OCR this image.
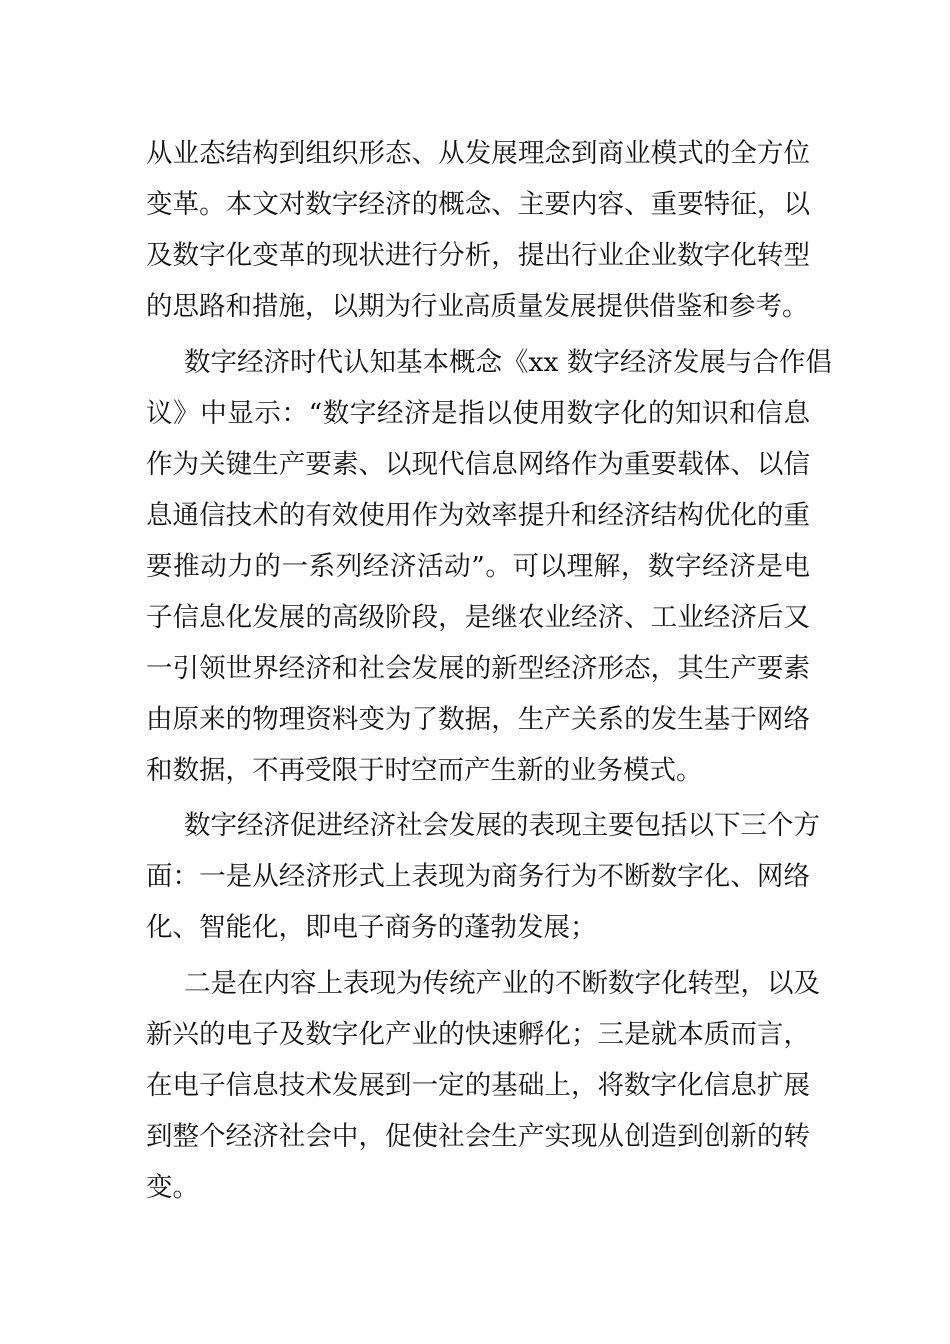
从业态结构到组织形态、从发展理念到商业模式的全方位
变革。本文对数字经济的概念、主要内容、重要特征，以
及数字化变革的现状进行分析，提出行业企业数字化转型
的思路和措施，以期为行业高质量发展提供借鉴和参考。
数字经济时代认知基本概念《xx 数字经济发展与合作倡
议》中显示：“数字经济是指以使用数字化的知识和信息
作为关键生产要素、以现代信息网络作为重要载体、以信
息通信技术的有效使用作为效率提升和经济结构优化的重
要推动力的一系列经济活动”。可以理解，数字经济是电
子信息化发展的高级阶段，是继农业经济、工业经济后又
一引领世界经济和社会发展的新型经济形态，其生产要素
由原来的物理资料变为了数据，生产关系的发生基于网络
和数据，不再受限于时空而产生新的业务模式。
数字经济促进经济社会发展的表现主要包括以下三个方
面：一是从经济形式上表现为商务行为不断数字化、网络
化、智能化，即电子商务的蓬勃发展；
二是在内容上表现为传统产业的不断数字化转型，以及
新兴的电子及数字化产业的快速孵化；三是就本质而言，
在电子信息技术发展到一定的基础上，将数字化信息扩展
到整个经济社会中，促使社会生产实现从创造到创新的转
变。
